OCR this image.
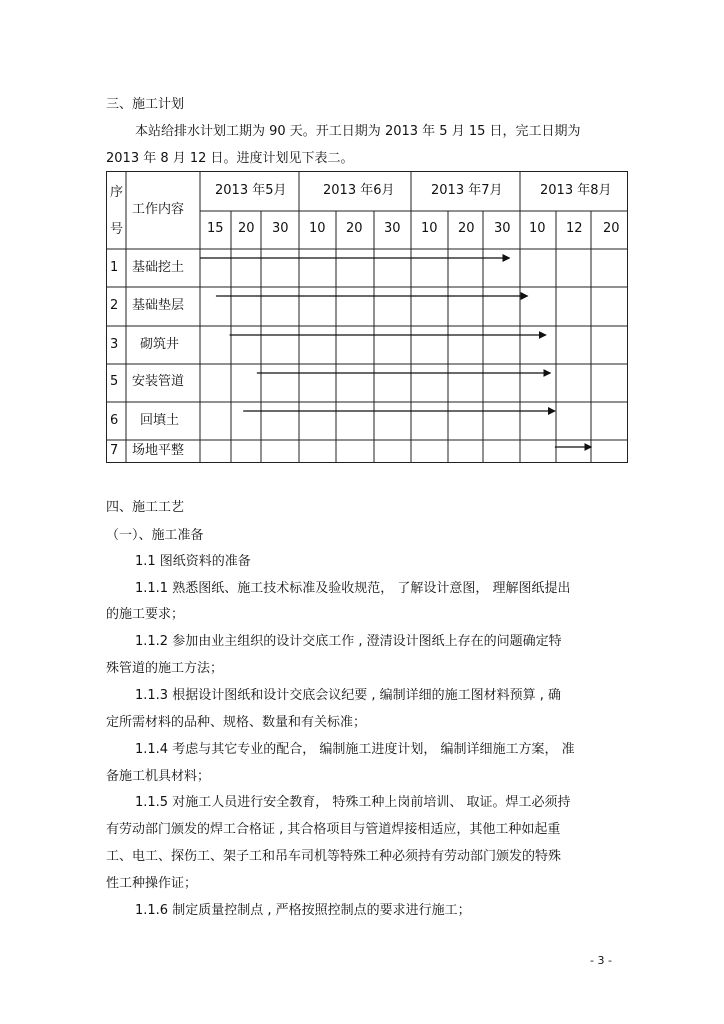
三、施工计划
本站给排水计划工期为 90 天。开工日期为 2013 年 5 月 15 日，完工日期为
2013 年 8 月 12 日。进度计划见下表二。
序
号
工作内容
2013 年5月	2013 年6月	2013 年7月	2013 年8月
15 20 30 10 20 30 10 20 30 10 12 20
1 基础挖土
2 基础垫层
3 砌筑井
5 安装管道
6 回填土
7 场地平整
四、施工工艺
（一）、施工准备
1.1 图纸资料的准备
1.1.1 熟悉图纸、施工技术标准及验收规范， 了解设计意图， 理解图纸提出
的施工要求；
1.1.2 参加由业主组织的设计交底工作 , 澄清设计图纸上存在的问题确定特
殊管道的施工方法；
1.1.3 根据设计图纸和设计交底会议纪要 , 编制详细的施工图材料预算 , 确
定所需材料的品种、规格、数量和有关标准；
1.1.4 考虑与其它专业的配合， 编制施工进度计划， 编制详细施工方案， 准
备施工机具材料；
1.1.5 对施工人员进行安全教育， 特殊工种上岗前培训、 取证。焊工必须持
有劳动部门颁发的焊工合格证 , 其合格项目与管道焊接相适应，其他工种如起重
工、电工、探伤工、架子工和吊车司机等特殊工种必须持有劳动部门颁发的特殊
性工种操作证；
1.1.6 制定质量控制点 , 严格按照控制点的要求进行施工；
- 3 -
